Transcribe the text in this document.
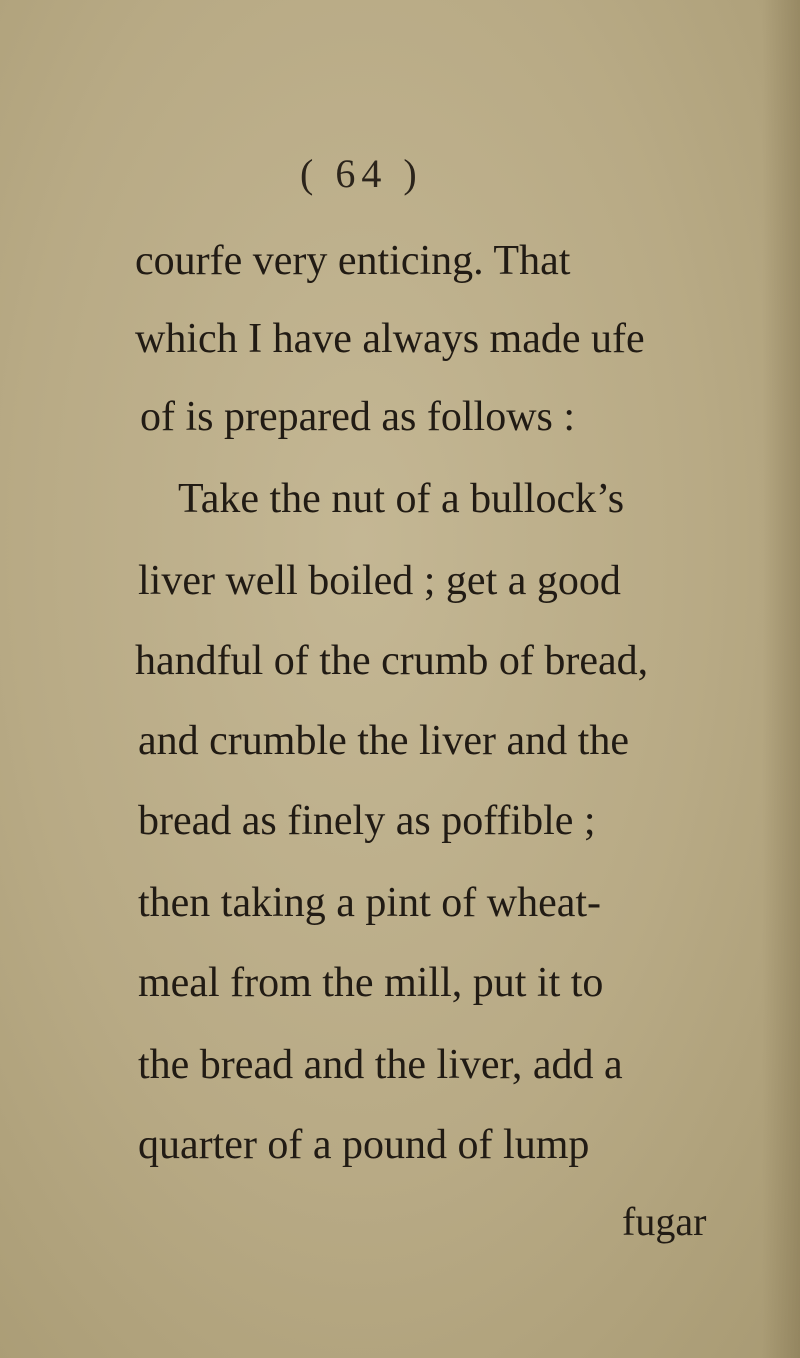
( 64 )
courfe very enticing. That
which I have always made ufe
of is prepared as follows :
Take the nut of a bullock’s
liver well boiled ; get a good
handful of the crumb of bread,
and crumble the liver and the
bread as finely as poffible ;
then taking a pint of wheat-
meal from the mill, put it to
the bread and the liver, add a
quarter of a pound of lump
fugar
